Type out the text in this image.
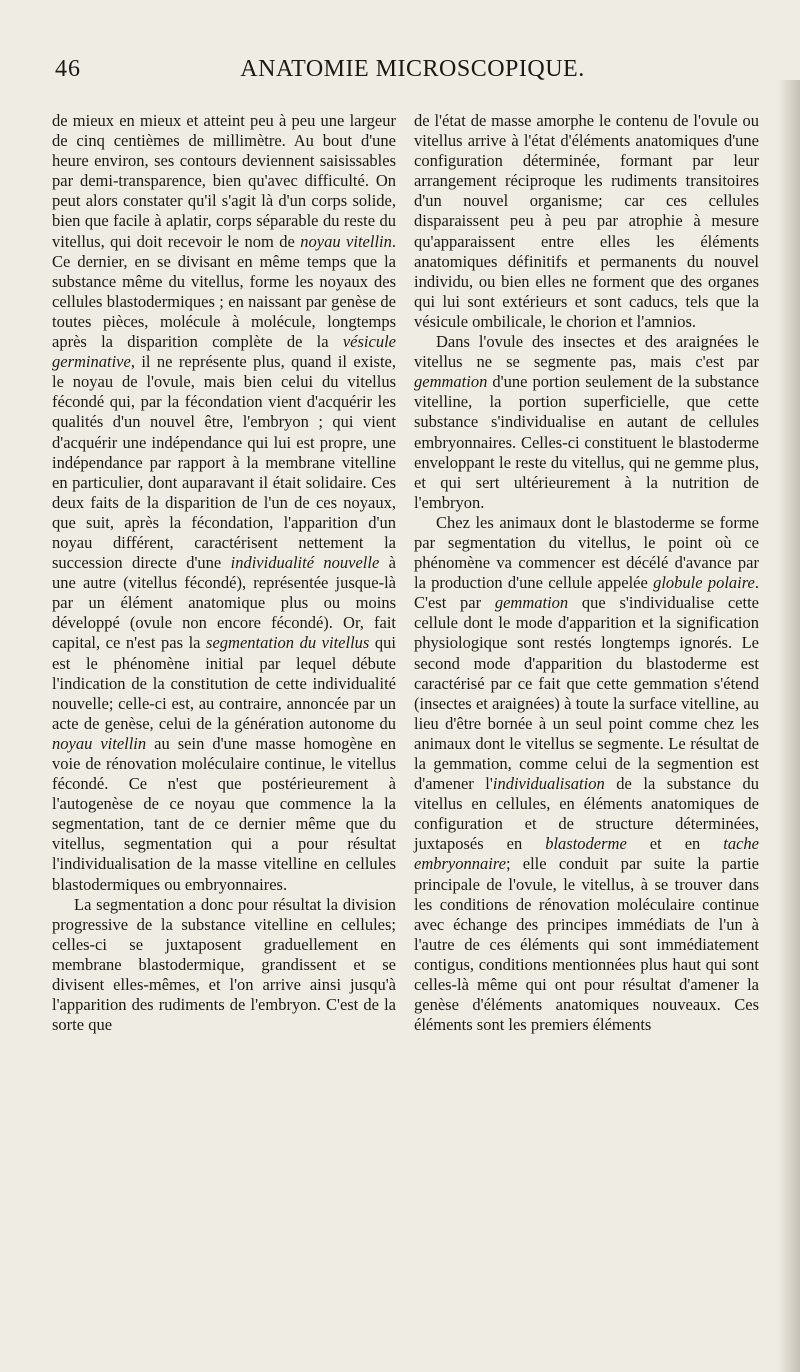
46	ANATOMIE MICROSCOPIQUE.

de mieux en mieux et atteint peu à peu une largeur de cinq centièmes de millimètre. Au bout d'une heure environ, ses contours deviennent saisissables par demi-transparence, bien qu'avec difficulté. On peut alors constater qu'il s'agit là d'un corps solide, bien que facile à aplatir, corps séparable du reste du vitellus, qui doit recevoir le nom de noyau vitellin. Ce dernier, en se divisant en même temps que la substance même du vitellus, forme les noyaux des cellules blastodermiques ; en naissant par genèse de toutes pièces, molécule à molécule, longtemps après la disparition complète de la vésicule germinative, il ne représente plus, quand il existe, le noyau de l'ovule, mais bien celui du vitellus fécondé qui, par la fécondation vient d'acquérir les qualités d'un nouvel être, l'embryon ; qui vient d'acquérir une indépendance qui lui est propre, une indépendance par rapport à la membrane vitelline en particulier, dont auparavant il était solidaire. Ces deux faits de la disparition de l'un de ces noyaux, que suit, après la fécondation, l'apparition d'un noyau différent, caractérisent nettement la succession directe d'une individualité nouvelle à une autre (vitellus fécondé), représentée jusque-là par un élément anatomique plus ou moins développé (ovule non encore fécondé). Or, fait capital, ce n'est pas la segmentation du vitellus qui est le phénomène initial par lequel débute l'indication de la constitution de cette individualité nouvelle; celle-ci est, au contraire, annoncée par un acte de genèse, celui de la génération autonome du noyau vitellin au sein d'une masse homogène en voie de rénovation moléculaire continue, le vitellus fécondé. Ce n'est que postérieurement à l'autogenèse de ce noyau que commence la la segmentation, tant de ce dernier même que du vitellus, segmentation qui a pour résultat l'individualisation de la masse vitelline en cellules blastodermiques ou embryonnaires.

La segmentation a donc pour résultat la division progressive de la substance vitelline en cellules; celles-ci se juxtaposent graduellement en membrane blastodermique, grandissent et se divisent elles-mêmes, et l'on arrive ainsi jusqu'à l'apparition des rudiments de l'embryon. C'est de la sorte que

de l'état de masse amorphe le contenu de l'ovule ou vitellus arrive à l'état d'éléments anatomiques d'une configuration déterminée, formant par leur arrangement réciproque les rudiments transitoires d'un nouvel organisme; car ces cellules disparaissent peu à peu par atrophie à mesure qu'apparaissent entre elles les éléments anatomiques définitifs et permanents du nouvel individu, ou bien elles ne forment que des organes qui lui sont extérieurs et sont caducs, tels que la vésicule ombilicale, le chorion et l'amnios.

Dans l'ovule des insectes et des araignées le vitellus ne se segmente pas, mais c'est par gemmation d'une portion seulement de la substance vitelline, la portion superficielle, que cette substance s'individualise en autant de cellules embryonnaires. Celles-ci constituent le blastoderme enveloppant le reste du vitellus, qui ne gemme plus, et qui sert ultérieurement à la nutrition de l'embryon.

Chez les animaux dont le blastoderme se forme par segmentation du vitellus, le point où ce phénomène va commencer est décélé d'avance par la production d'une cellule appelée globule polaire. C'est par gemmation que s'individualise cette cellule dont le mode d'apparition et la signification physiologique sont restés longtemps ignorés. Le second mode d'apparition du blastoderme est caractérisé par ce fait que cette gemmation s'étend (insectes et araignées) à toute la surface vitelline, au lieu d'être bornée à un seul point comme chez les animaux dont le vitellus se segmente. Le résultat de la gemmation, comme celui de la segmention est d'amener l'individualisation de la substance du vitellus en cellules, en éléments anatomiques de configuration et de structure déterminées, juxtaposés en blastoderme et en tache embryonnaire; elle conduit par suite la partie principale de l'ovule, le vitellus, à se trouver dans les conditions de rénovation moléculaire continue avec échange des principes immédiats de l'un à l'autre de ces éléments qui sont immédiatement contigus, conditions mentionnées plus haut qui sont celles-là même qui ont pour résultat d'amener la genèse d'éléments anatomiques nouveaux. Ces éléments sont les premiers éléments
